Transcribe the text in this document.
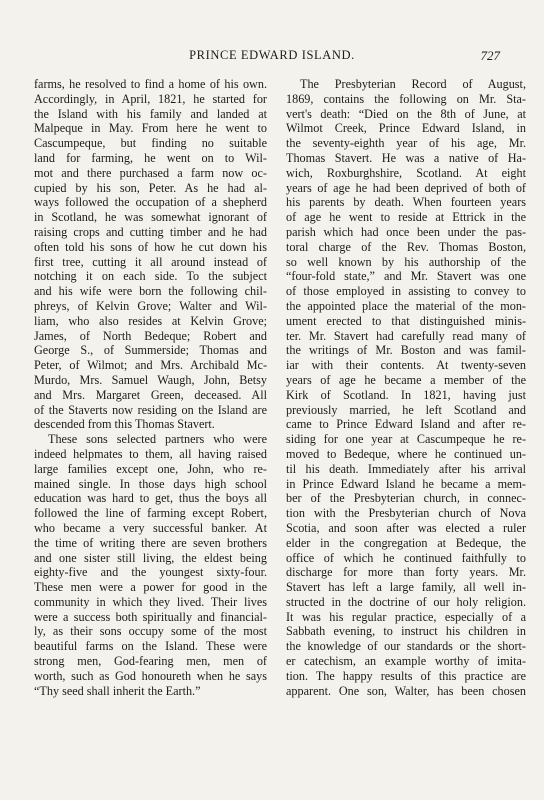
PRINCE EDWARD ISLAND.	727
farms, he resolved to find a home of his own.
Accordingly, in April, 1821, he started for
the Island with his family and landed at
Malpeque in May. From here he went to
Cascumpeque, but finding no suitable
land for farming, he went on to Wil-
mot and there purchased a farm now oc-
cupied by his son, Peter. As he had al-
ways followed the occupation of a shepherd
in Scotland, he was somewhat ignorant of
raising crops and cutting timber and he had
often told his sons of how he cut down his
first tree, cutting it all around instead of
notching it on each side. To the subject
and his wife were born the following chil-
phreys, of Kelvin Grove; Walter and Wil-
liam, who also resides at Kelvin Grove;
James, of North Bedeque; Robert and
George S., of Summerside; Thomas and
Peter, of Wilmot; and Mrs. Archibald Mc-
Murdo, Mrs. Samuel Waugh, John, Betsy
and Mrs. Margaret Green, deceased. All
of the Staverts now residing on the Island are
descended from this Thomas Stavert.
These sons selected partners who were
indeed helpmates to them, all having raised
large families except one, John, who re-
mained single. In those days high school
education was hard to get, thus the boys all
followed the line of farming except Robert,
who became a very successful banker. At
the time of writing there are seven brothers
and one sister still living, the eldest being
eighty-five and the youngest sixty-four.
These men were a power for good in the
community in which they lived. Their lives
were a success both spiritually and financial-
ly, as their sons occupy some of the most
beautiful farms on the Island. These were
strong men, God-fearing men, men of
worth, such as God honoureth when he says
“Thy seed shall inherit the Earth.”
The Presbyterian Record of August,
1869, contains the following on Mr. Sta-
vert's death: “Died on the 8th of June, at
Wilmot Creek, Prince Edward Island, in
the seventy-eighth year of his age, Mr.
Thomas Stavert. He was a native of Ha-
wich, Roxburghshire, Scotland. At eight
years of age he had been deprived of both of
his parents by death. When fourteen years
of age he went to reside at Ettrick in the
parish which had once been under the pas-
toral charge of the Rev. Thomas Boston,
so well known by his authorship of the
“four-fold state,” and Mr. Stavert was one
of those employed in assisting to convey to
the appointed place the material of the mon-
ument erected to that distinguished minis-
ter. Mr. Stavert had carefully read many of
the writings of Mr. Boston and was famil-
iar with their contents. At twenty-seven
years of age he became a member of the
Kirk of Scotland. In 1821, having just
previously married, he left Scotland and
came to Prince Edward Island and after re-
siding for one year at Cascumpeque he re-
moved to Bedeque, where he continued un-
til his death. Immediately after his arrival
in Prince Edward Island he became a mem-
ber of the Presbyterian church, in connec-
tion with the Presbyterian church of Nova
Scotia, and soon after was elected a ruler
elder in the congregation at Bedeque, the
office of which he continued faithfully to
discharge for more than forty years. Mr.
Stavert has left a large family, all well in-
structed in the doctrine of our holy religion.
It was his regular practice, especially of a
Sabbath evening, to instruct his children in
the knowledge of our standards or the short-
er catechism, an example worthy of imita-
tion. The happy results of this practice are
apparent. One son, Walter, has been chosen
